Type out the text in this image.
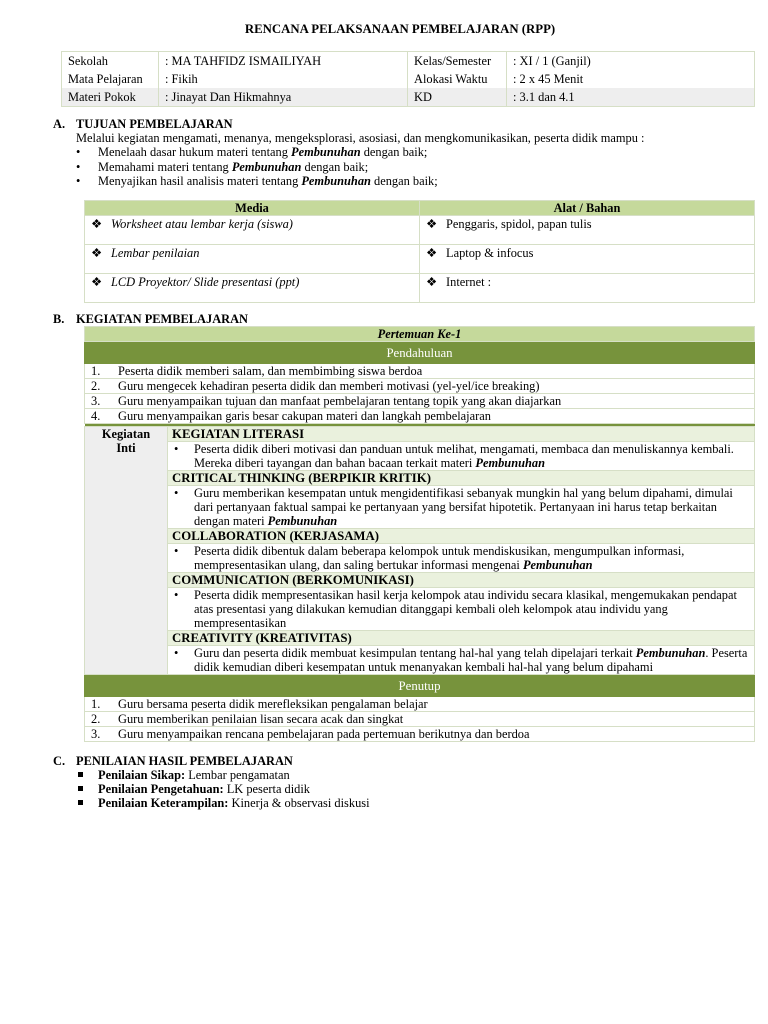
RENCANA PELAKSANAAN PEMBELAJARAN (RPP)
Sekolah	: MA TAHFIDZ ISMAILIYAH	Kelas/Semester	: XI / 1 (Ganjil)
Mata Pelajaran	: Fikih	Alokasi Waktu	: 2 x 45 Menit
Materi Pokok	: Jinayat Dan Hikmahnya	KD	: 3.1 dan 4.1
A. TUJUAN PEMBELAJARAN
Melalui kegiatan mengamati, menanya, mengeksplorasi, asosiasi, dan mengkomunikasikan, peserta didik mampu :
• Menelaah dasar hukum materi tentang Pembunuhan dengan baik;
• Memahami materi tentang Pembunuhan dengan baik;
• Menyajikan hasil analisis materi tentang Pembunuhan dengan baik;
Media	Alat / Bahan
❖ Worksheet atau lembar kerja (siswa)	❖ Penggaris, spidol, papan tulis
❖ Lembar penilaian	❖ Laptop & infocus
❖ LCD Proyektor/ Slide presentasi (ppt)	❖ Internet :
B. KEGIATAN PEMBELAJARAN
Pertemuan Ke-1
Pendahuluan
1. Peserta didik memberi salam, dan membimbing siswa berdoa
2. Guru mengecek kehadiran peserta didik dan memberi motivasi (yel-yel/ice breaking)
3. Guru menyampaikan tujuan dan manfaat pembelajaran tentang topik yang akan diajarkan
4. Guru menyampaikan garis besar cakupan materi dan langkah pembelajaran

Kegiatan
Inti	KEGIATAN LITERASI

• Peserta didik diberi motivasi dan panduan untuk melihat, mengamati, membaca dan menuliskannya kembali. Mereka diberi tayangan dan bahan bacaan terkait materi Pembunuhan
CRITICAL THINKING (BERPIKIR KRITIK)

• Guru memberikan kesempatan untuk mengidentifikasi sebanyak mungkin hal yang belum dipahami, dimulai dari pertanyaan faktual sampai ke pertanyaan yang bersifat hipotetik. Pertanyaan ini harus tetap berkaitan dengan materi Pembunuhan
COLLABORATION (KERJASAMA)

• Peserta didik dibentuk dalam beberapa kelompok untuk mendiskusikan, mengumpulkan informasi, mempresentasikan ulang, dan saling bertukar informasi mengenai Pembunuhan
COMMUNICATION (BERKOMUNIKASI)

• Peserta didik mempresentasikan hasil kerja kelompok atau individu secara klasikal, mengemukakan pendapat atas presentasi yang dilakukan kemudian ditanggapi kembali oleh kelompok atau individu yang mempresentasikan
CREATIVITY (KREATIVITAS)

• Guru dan peserta didik membuat kesimpulan tentang hal-hal yang telah dipelajari terkait Pembunuhan. Peserta didik kemudian diberi kesempatan untuk menanyakan kembali hal-hal yang belum dipahami
Penutup
1. Guru bersama peserta didik merefleksikan pengalaman belajar
2. Guru memberikan penilaian lisan secara acak dan singkat
3. Guru menyampaikan rencana pembelajaran pada pertemuan berikutnya dan berdoa
C. PENILAIAN HASIL PEMBELAJARAN
Penilaian Sikap: Lembar pengamatan
Penilaian Pengetahuan: LK peserta didik
Penilaian Keterampilan: Kinerja & observasi diskusi
